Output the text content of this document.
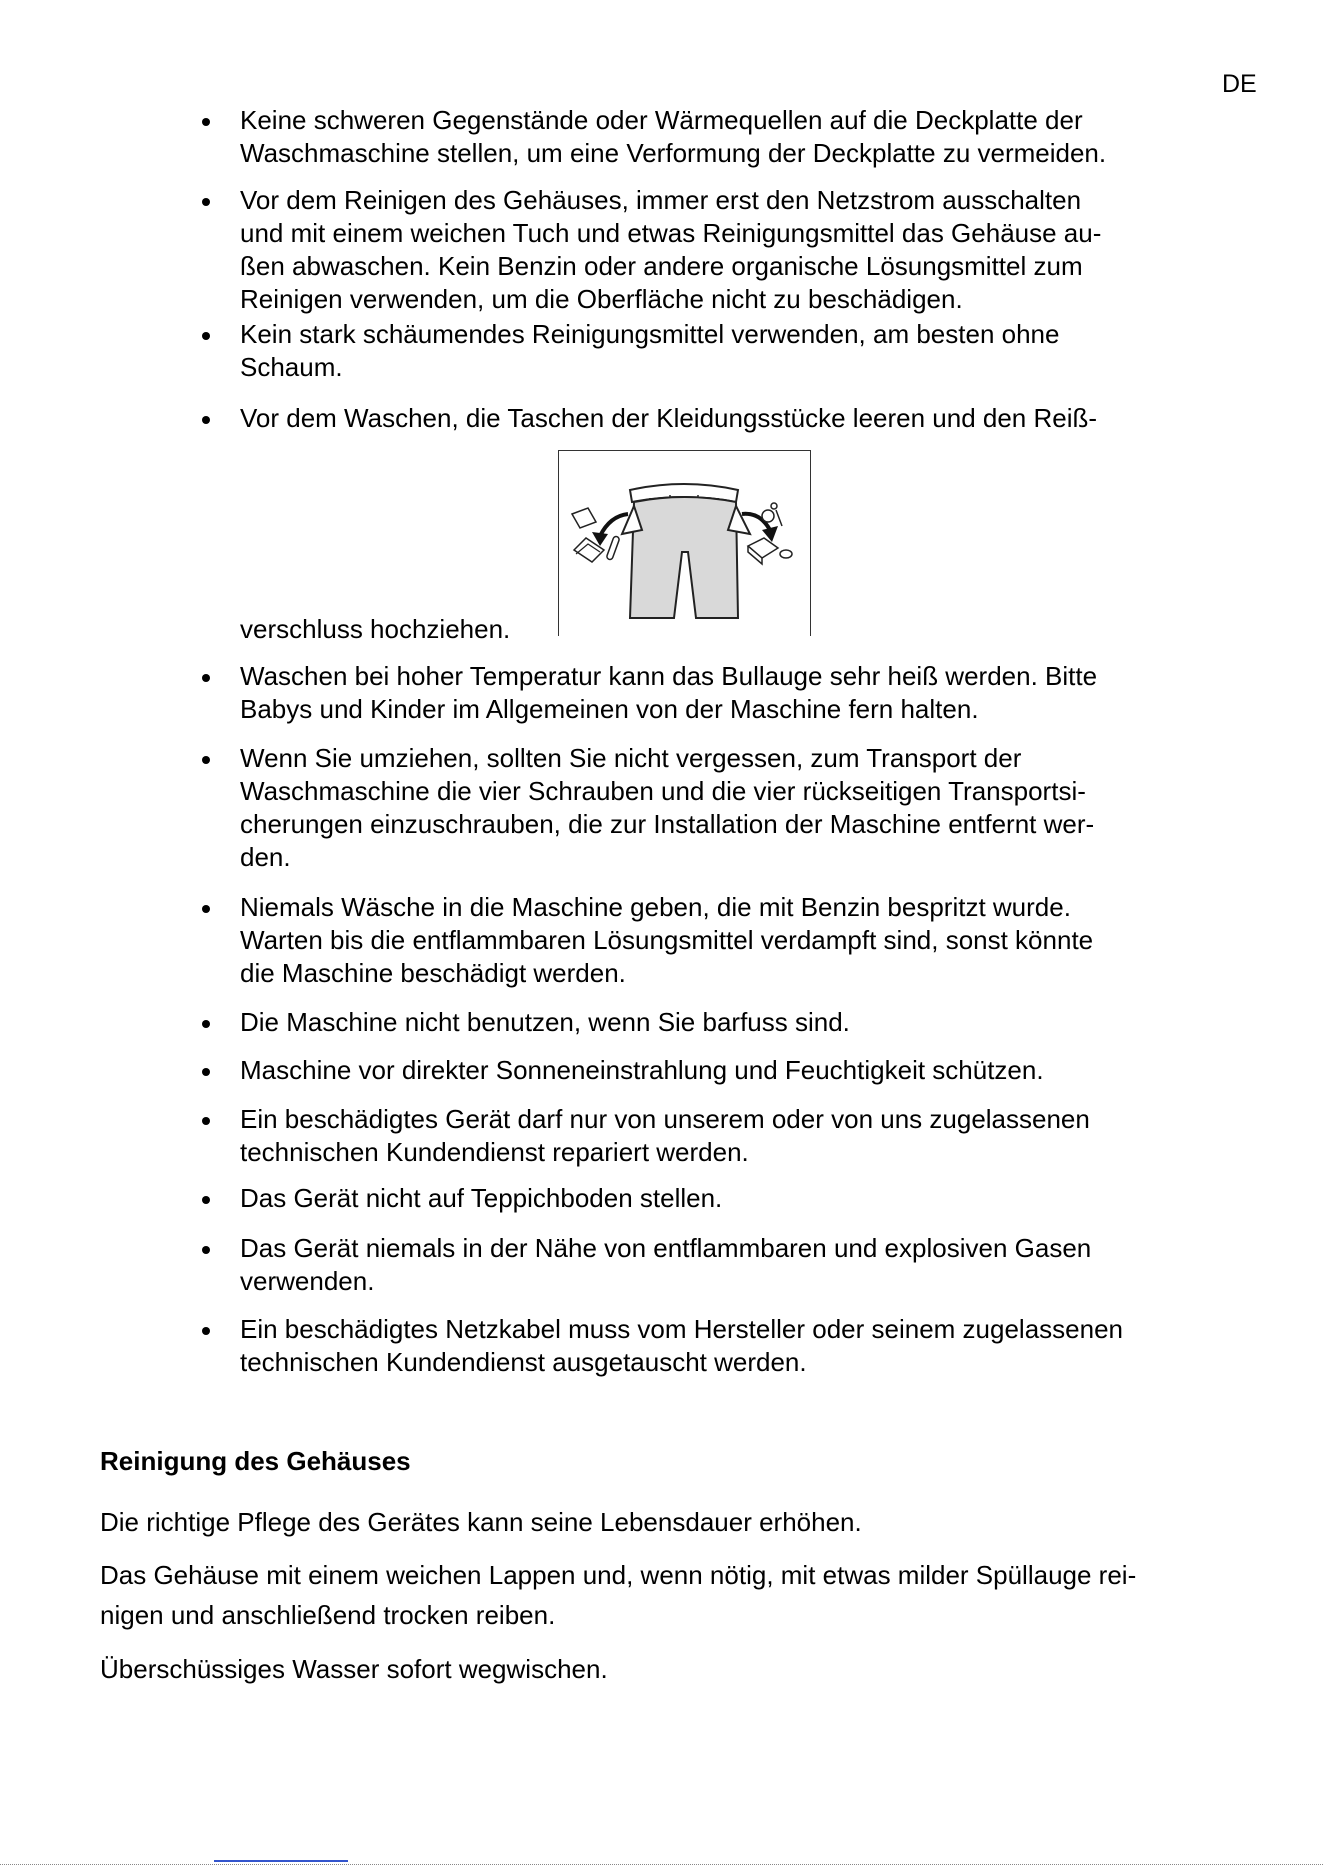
DE
Keine schweren Gegenstände oder Wärmequellen auf die Deckplatte der
Waschmaschine stellen, um eine Verformung der Deckplatte zu vermeiden.
Vor dem Reinigen des Gehäuses, immer erst den Netzstrom ausschalten
und mit einem weichen Tuch und etwas Reinigungsmittel das Gehäuse au-
ßen abwaschen. Kein Benzin oder andere organische Lösungsmittel zum
Reinigen verwenden, um die Oberfläche nicht zu beschädigen.
Kein stark schäumendes Reinigungsmittel verwenden, am besten ohne
Schaum.
Vor dem Waschen, die Taschen der Kleidungsstücke leeren und den Reiß-
Waschen bei hoher Temperatur kann das Bullauge sehr heiß werden. Bitte
Babys und Kinder im Allgemeinen von der Maschine fern halten.
Wenn Sie umziehen, sollten Sie nicht vergessen, zum Transport der
Waschmaschine die vier Schrauben und die vier rückseitigen Transportsi-
cherungen einzuschrauben, die zur Installation der Maschine entfernt wer-
den.
Niemals Wäsche in die Maschine geben, die mit Benzin bespritzt wurde.
Warten bis die entflammbaren Lösungsmittel verdampft sind, sonst könnte
die Maschine beschädigt werden.
Die Maschine nicht benutzen, wenn Sie barfuss sind.
Maschine vor direkter Sonneneinstrahlung und Feuchtigkeit schützen.
Ein beschädigtes Gerät darf nur von unserem oder von uns zugelassenen
technischen Kundendienst repariert werden.
Das Gerät nicht auf Teppichboden stellen.
Das Gerät niemals in der Nähe von entflammbaren und explosiven Gasen
verwenden.
Ein beschädigtes Netzkabel muss vom Hersteller oder seinem zugelassenen
technischen Kundendienst ausgetauscht werden.
verschluss hochziehen.
Reinigung des Gehäuses
Die richtige Pflege des Gerätes kann seine Lebensdauer erhöhen.
Das Gehäuse mit einem weichen Lappen und, wenn nötig, mit etwas milder Spüllauge rei-
nigen und anschließend trocken reiben.
Überschüssiges Wasser sofort wegwischen.
